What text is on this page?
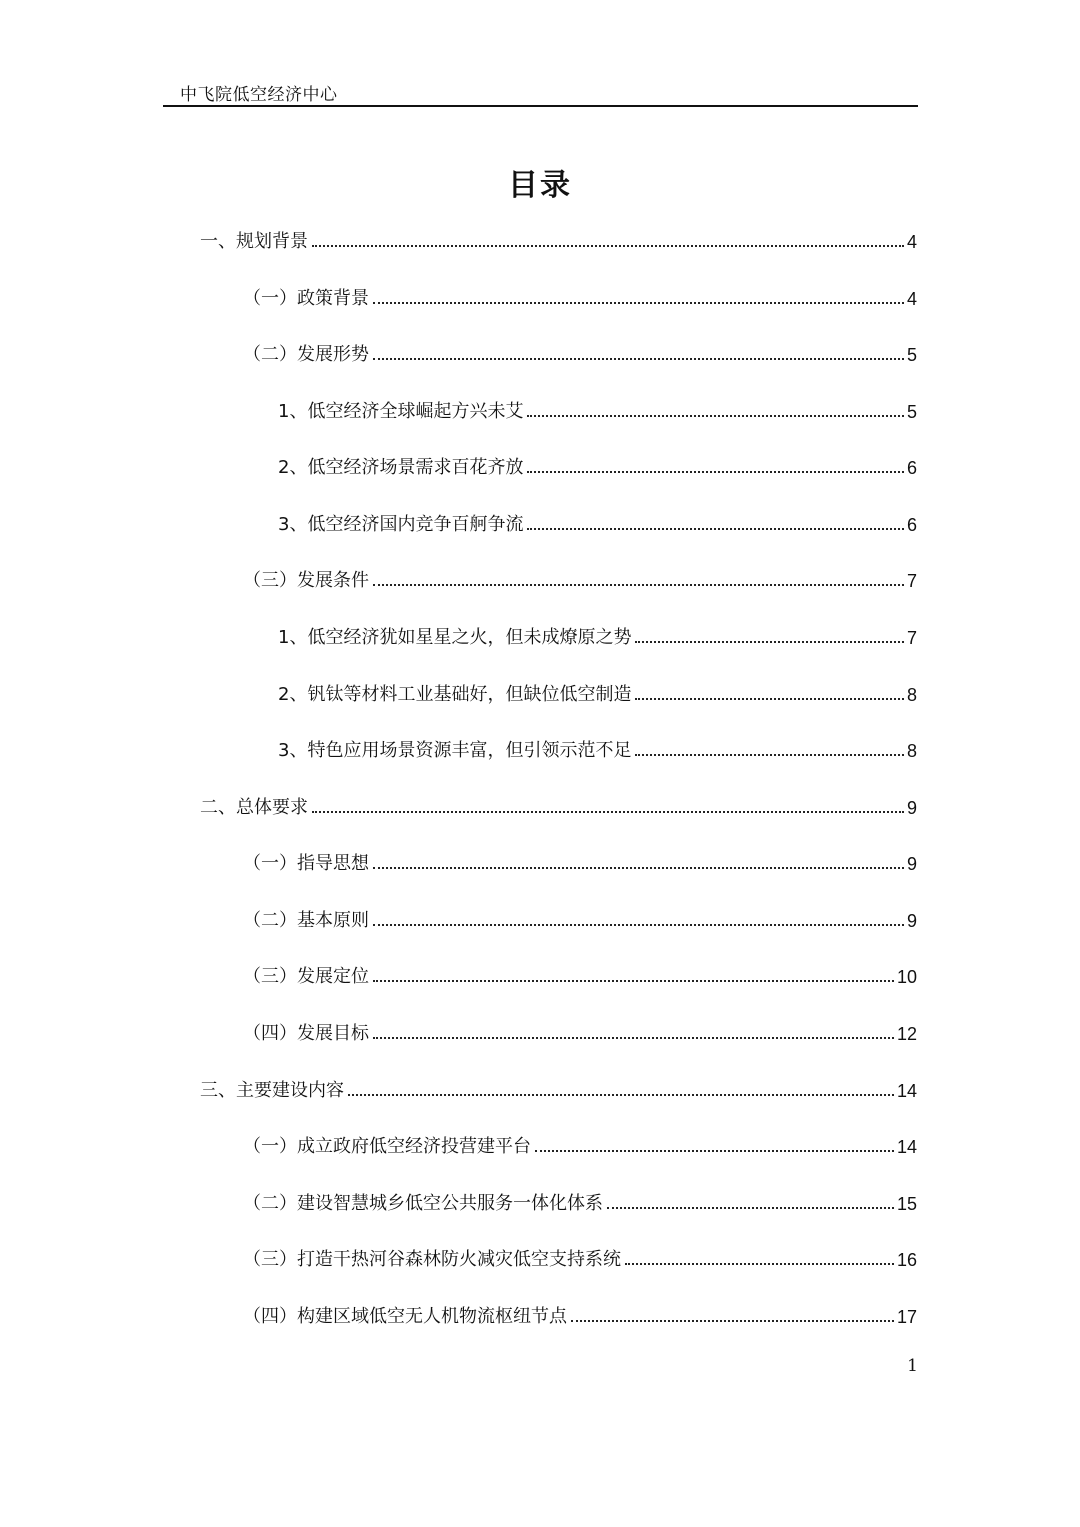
中飞院低空经济中心
目录
一、规划背景	4
（一）政策背景	4
（二）发展形势	5
1、低空经济全球崛起方兴未艾	5
2、低空经济场景需求百花齐放	6
3、低空经济国内竞争百舸争流	6
（三）发展条件	7
1、低空经济犹如星星之火，但未成燎原之势	7
2、钒钛等材料工业基础好，但缺位低空制造	8
3、特色应用场景资源丰富，但引领示范不足	8
二、总体要求	9
（一）指导思想	9
（二）基本原则	9
（三）发展定位	10
（四）发展目标	12
三、主要建设内容	14
（一）成立政府低空经济投营建平台	14
（二）建设智慧城乡低空公共服务一体化体系	15
（三）打造干热河谷森林防火减灾低空支持系统	16
（四）构建区域低空无人机物流枢纽节点	17
1
